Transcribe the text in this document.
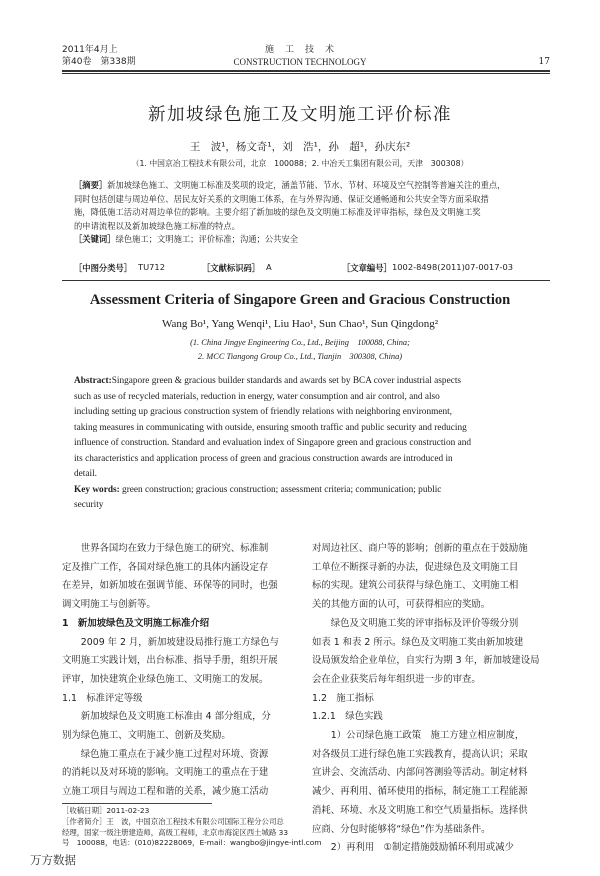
2011年4月上
第40卷　第338期
施　工　技　术
CONSTRUCTION TECHNOLOGY	17
新加坡绿色施工及文明施工评价标准
王　波¹，杨文奇¹，刘　浩¹，孙　超¹，孙庆东²
（1. 中国京冶工程技术有限公司，北京　100088；2. 中冶天工集团有限公司，天津　300308）
［摘要］新加坡绿色施工、文明施工标准及奖项的设定，涵盖节能、节水、节材、环境及空气控制等普遍关注的重点，
同时包括创建与周边单位、居民友好关系的文明施工体系，在与外界沟通、保证交通畅通和公共安全等方面采取措
施，降低施工活动对周边单位的影响。主要介绍了新加坡的绿色及文明施工标准及评审指标，绿色及文明施工奖
的申请流程以及新加坡绿色施工标准的特点。
［关键词］绿色施工；文明施工；评价标准；沟通；公共安全
［中图分类号］ TU712	［文献标识码］ A	［文章编号］ 1002-8498(2011)07-0017-03
Assessment Criteria of Singapore Green and Gracious Construction
Wang Bo¹, Yang Wenqi¹, Liu Hao¹, Sun Chao¹, Sun Qingdong²
(1. China Jingye Engineering Co., Ltd., Beijing　100088, China;
2. MCC Tiangong Group Co., Ltd., Tianjin　300308, China)
Abstract:Singapore green & gracious builder standards and awards set by BCA cover industrial aspects
such as use of recycled materials, reduction in energy, water consumption and air control, and also
including setting up gracious construction system of friendly relations with neighboring environment,
taking measures in communicating with outside, ensuring smooth traffic and public security and reducing
influence of construction. Standard and evaluation index of Singapore green and gracious construction and
its characteristics and application process of green and gracious construction awards are introduced in
detail.
Key words: green construction; gracious construction; assessment criteria; communication; public
security

世界各国均在致力于绿色施工的研究、标准制

定及推广工作，各国对绿色施工的具体内涵设定存

在差异，如新加坡在强调节能、环保等的同时，也强

调文明施工与创新等。

1　新加坡绿色及文明施工标准介绍

2009 年 2 月，新加坡建设局推行施工方绿色与

文明施工实践计划，出台标准、指导手册，组织开展

评审，加快建筑企业绿色施工、文明施工的发展。

1.1　标准评定等级

新加坡绿色及文明施工标准由 4 部分组成，分

别为绿色施工、文明施工、创新及奖励。

绿色施工重点在于减少施工过程对环境、资源

的消耗以及对环境的影响。文明施工的重点在于建

立施工项目与周边工程和谐的关系，减少施工活动

对周边社区、商户等的影响；创新的重点在于鼓励施

工单位不断探寻新的办法，促进绿色及文明施工目

标的实现。建筑公司获得与绿色施工、文明施工相

关的其他方面的认可，可获得相应的奖励。

绿色及文明施工奖的评审指标及评价等级分别

如表 1 和表 2 所示。绿色及文明施工奖由新加坡建

设局颁发给企业单位，自实行为期 3 年，新加坡建设局

会在企业获奖后每年组织进一步的审查。

1.2　施工指标

1.2.1　绿色实践

1）公司绿色施工政策　施工方建立相应制度，

对各级员工进行绿色施工实践教育，提高认识；采取

宣讲会、交流活动、内部问答测验等活动。制定材料

减少、再利用、循环使用的指标，制定施工工程能源

消耗、环境、水及文明施工和空气质量指标。选择供

应商、分包时能够将“绿色”作为基础条件。

2）再利用　①制定措施鼓励循环利用或减少

［收稿日期］2011-02-23
［作者简介］王　波，中国京冶工程技术有限公司国际工程分公司总
经理，国家一级注册建造师，高级工程师，北京市海淀区西土城路 33
号　100088，电话：(010)82228069，E-mail：wangbo@jingye-intl.com
万方数据
